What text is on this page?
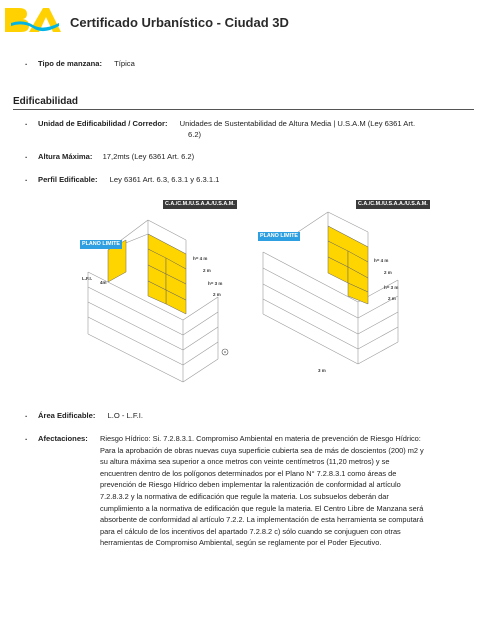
Certificado Urbanístico - Ciudad 3D
. Tipo de manzana: Típica
Edificabilidad
. Unidad de Edificabilidad / Corredor: Unidades de Sustentabilidad de Altura Media | U.S.A.M (Ley 6361 Art.
6.2)
. Altura Máxima: 17,2mts (Ley 6361 Art. 6.2)
. Perfil Edificable: Ley 6361 Art. 6.3, 6.3.1 y 6.3.1.1
L.F.I.
4m
h= 4 m
2 m
h= 3 m
2 m
h= 4 m
2 m
h= 3 m
2 m
3 m
C.A./C.M./U.S.A.A./U.S.A.M.
PLANO LIMITE
C.A./C.M./U.S.A.A./U.S.A.M.
PLANO LIMITE
. Área Edificable: L.O - L.F.I.
. Afectaciones: Riesgo Hídrico: Si. 7.2.8.3.1. Compromiso Ambiental en materia de prevención de Riesgo Hídrico:
Para la aprobación de obras nuevas cuya superficie cubierta sea de más de doscientos (200) m2 y
su altura máxima sea superior a once metros con veinte centímetros (11,20 metros) y se
encuentren dentro de los polígonos determinados por el Plano N° 7.2.8.3.1 como áreas de
prevención de Riesgo Hídrico deben implementar la ralentización de conformidad al artículo
7.2.8.3.2 y la normativa de edificación que regule la materia. Los subsuelos deberán dar
cumplimiento a la normativa de edificación que regule la materia. El Centro Libre de Manzana será
absorbente de conformidad al artículo 7.2.2. La implementación de esta herramienta se computará
para el cálculo de los incentivos del apartado 7.2.8.2 c) sólo cuando se conjuguen con otras
herramientas de Compromiso Ambiental, según se reglamente por el Poder Ejecutivo.
